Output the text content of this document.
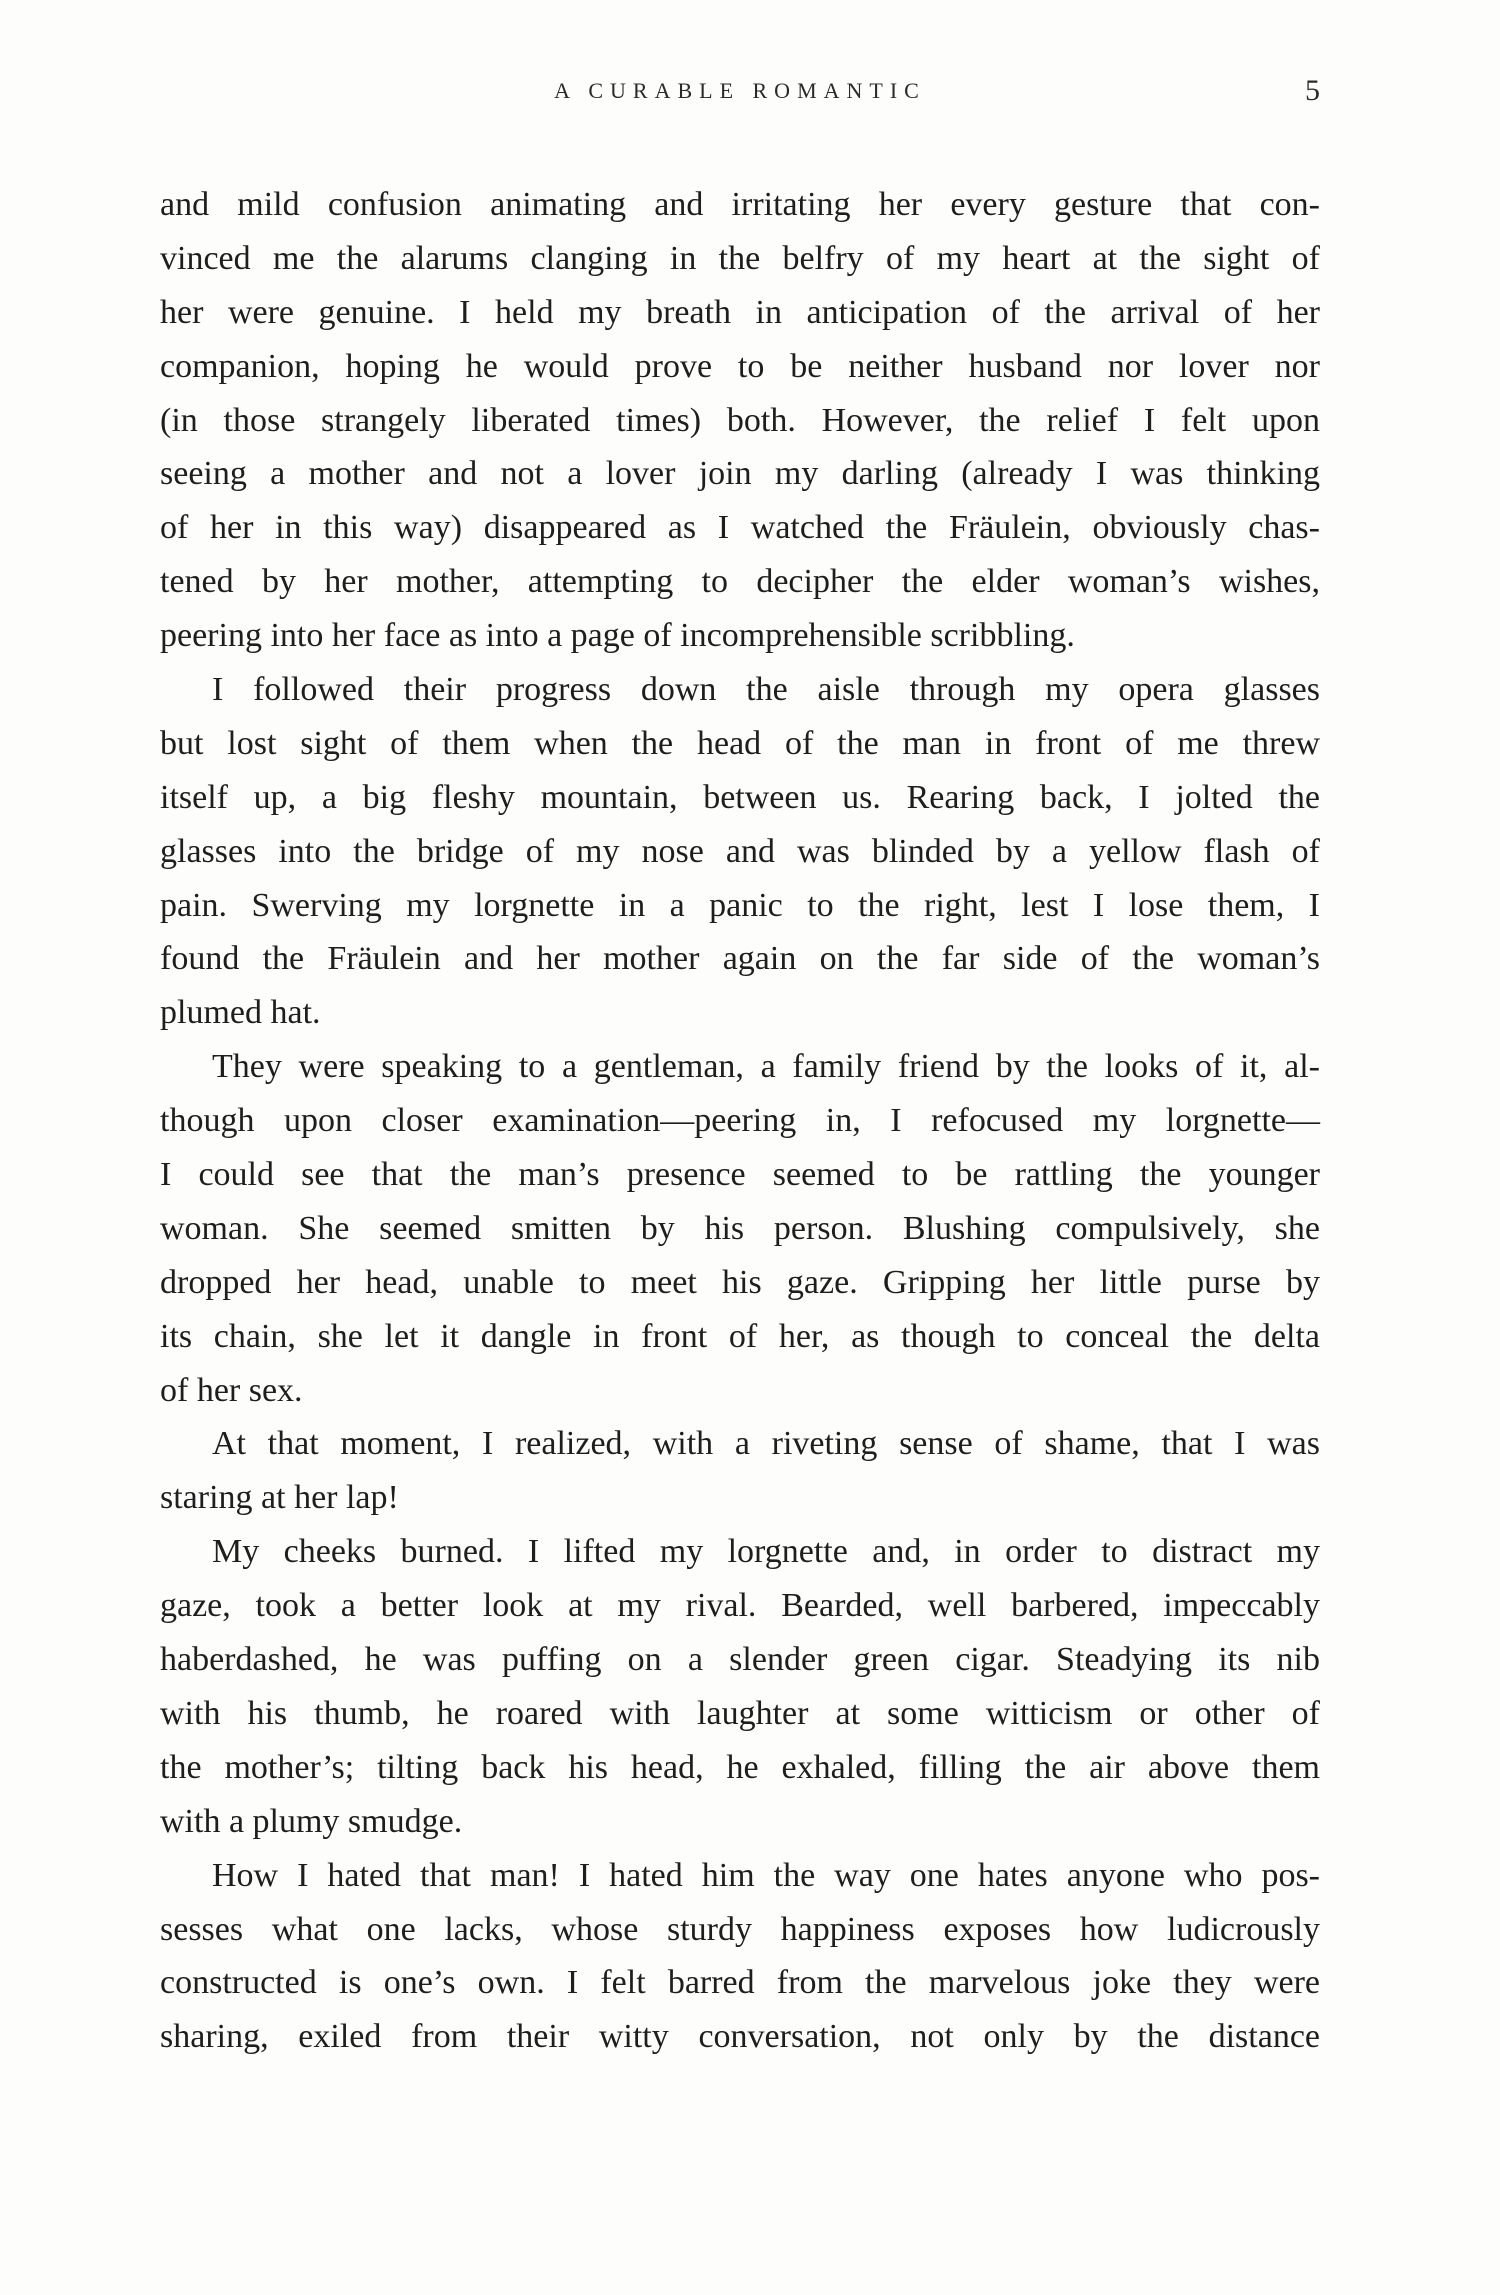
A CURABLE ROMANTIC	5
and mild confusion animating and irritating her every gesture that con-
vinced me the alarums clanging in the belfry of my heart at the sight of
her were genuine. I held my breath in anticipation of the arrival of her
companion, hoping he would prove to be neither husband nor lover nor
(in those strangely liberated times) both. However, the relief I felt upon
seeing a mother and not a lover join my darling (already I was thinking
of her in this way) disappeared as I watched the Fräulein, obviously chas-
tened by her mother, attempting to decipher the elder woman’s wishes,
peering into her face as into a page of incomprehensible scribbling.
I followed their progress down the aisle through my opera glasses
but lost sight of them when the head of the man in front of me threw
itself up, a big fleshy mountain, between us. Rearing back, I jolted the
glasses into the bridge of my nose and was blinded by a yellow flash of
pain. Swerving my lorgnette in a panic to the right, lest I lose them, I
found the Fräulein and her mother again on the far side of the woman’s
plumed hat.
They were speaking to a gentleman, a family friend by the looks of it, al-
though upon closer examination—peering in, I refocused my lorgnette—
I could see that the man’s presence seemed to be rattling the younger
woman. She seemed smitten by his person. Blushing compulsively, she
dropped her head, unable to meet his gaze. Gripping her little purse by
its chain, she let it dangle in front of her, as though to conceal the delta
of her sex.
At that moment, I realized, with a riveting sense of shame, that I was
staring at her lap!
My cheeks burned. I lifted my lorgnette and, in order to distract my
gaze, took a better look at my rival. Bearded, well barbered, impeccably
haberdashed, he was puffing on a slender green cigar. Steadying its nib
with his thumb, he roared with laughter at some witticism or other of
the mother’s; tilting back his head, he exhaled, filling the air above them
with a plumy smudge.
How I hated that man! I hated him the way one hates anyone who pos-
sesses what one lacks, whose sturdy happiness exposes how ludicrously
constructed is one’s own. I felt barred from the marvelous joke they were
sharing, exiled from their witty conversation, not only by the distance
